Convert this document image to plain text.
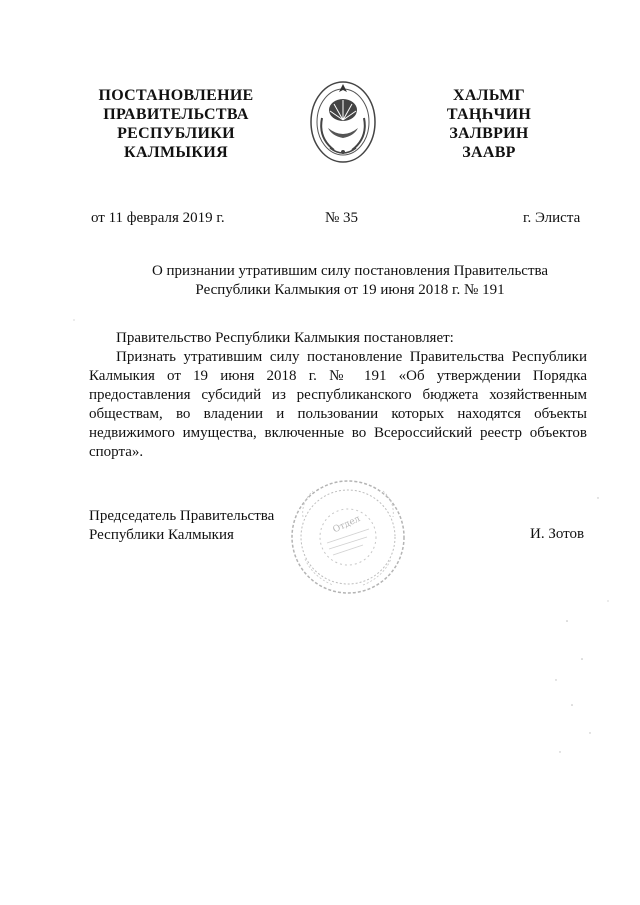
ПОСТАНОВЛЕНИЕ
ПРАВИТЕЛЬСТВА
РЕСПУБЛИКИ
КАЛМЫКИЯ
ХАЛЬМГ
ТАҢҺЧИН
ЗАЛВРИН
ЗААВР
от 11 февраля 2019 г.	№ 35	г. Элиста
О признании утратившим силу постановления Правительства
Республики Калмыкия от 19 июня 2018 г. № 191

Правительство Республики Калмыкия постановляет:

Признать утратившим силу постановление Правительства Республики Калмыкия от 19 июня 2018 г. № 191 «Об утверждении Порядка предоставления субсидий из республиканского бюджета хозяйственным обществам, во владении и пользовании которых находятся объекты недвижимого имущества, включенные во Всероссийский реестр объектов спорта».

Председатель Правительства
Республики Калмыкия	Отдел	И. Зотов
